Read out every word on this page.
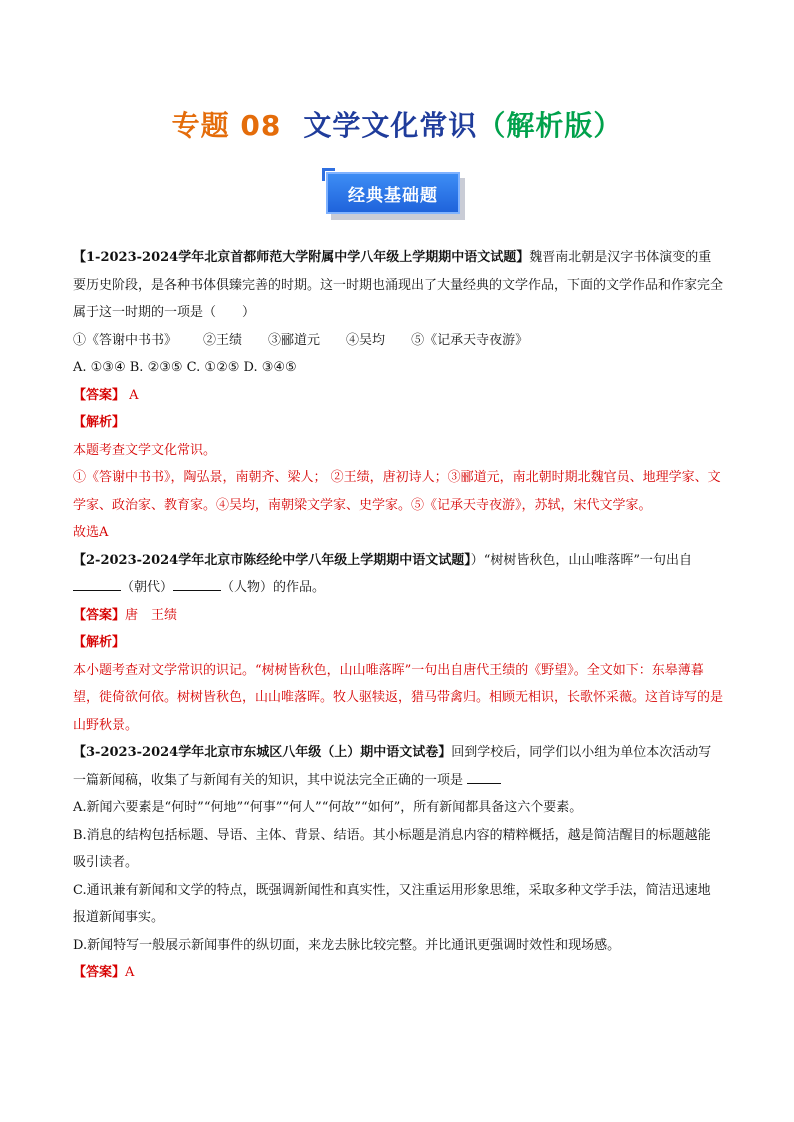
专题 08 文学文化常识（解析版）
经典基础题

【1-2023-2024学年北京首都师范大学附属中学八年级上学期期中语文试题】魏晋南北朝是汉字书体演变的重要历史阶段，是各种书体俱臻完善的时期。这一时期也涌现出了大量经典的文学作品，下面的文学作品和作家完全属于这一时期的一项是（　　）

①《答谢中书书》 ②王绩 ③郦道元 ④吴均 ⑤《记承天寺夜游》

A. ①③④ B. ②③⑤ C. ①②⑤ D. ③④⑤

【答案】 A

【解析】

本题考查文学文化常识。

①《答谢中书书》，陶弘景，南朝齐、梁人； ②王绩，唐初诗人；③郦道元，南北朝时期北魏官员、地理学家、文学家、政治家、教育家。④吴均，南朝梁文学家、史学家。⑤《记承天寺夜游》，苏轼，宋代文学家。

故选A

【2-2023-2024学年北京市陈经纶中学八年级上学期期中语文试题】）“树树皆秋色，山山唯落晖”一句出自（朝代）	（人物）的作品。

【答案】唐　王绩

【解析】

本小题考查对文学常识的识记。“树树皆秋色，山山唯落晖”一句出自唐代王绩的《野望》。全文如下：东皋薄暮望，徙倚欲何依。树树皆秋色，山山唯落晖。牧人驱犊返，猎马带禽归。相顾无相识，长歌怀采薇。这首诗写的是山野秋景。

【3-2023-2024学年北京市东城区八年级（上）期中语文试卷】回到学校后，同学们以小组为单位本次活动写一篇新闻稿，收集了与新闻有关的知识，其中说法完全正确的一项是

A.新闻六要素是“何时”“何地”“何事”“何人”“何故”“如何”，所有新闻都具备这六个要素。

B.消息的结构包括标题、导语、主体、背景、结语。其小标题是消息内容的精粹概括，越是简洁醒目的标题越能吸引读者。

C.通讯兼有新闻和文学的特点，既强调新闻性和真实性，又注重运用形象思维，采取多种文学手法，简洁迅速地报道新闻事实。

D.新闻特写一般展示新闻事件的纵切面，来龙去脉比较完整。并比通讯更强调时效性和现场感。

【答案】A
